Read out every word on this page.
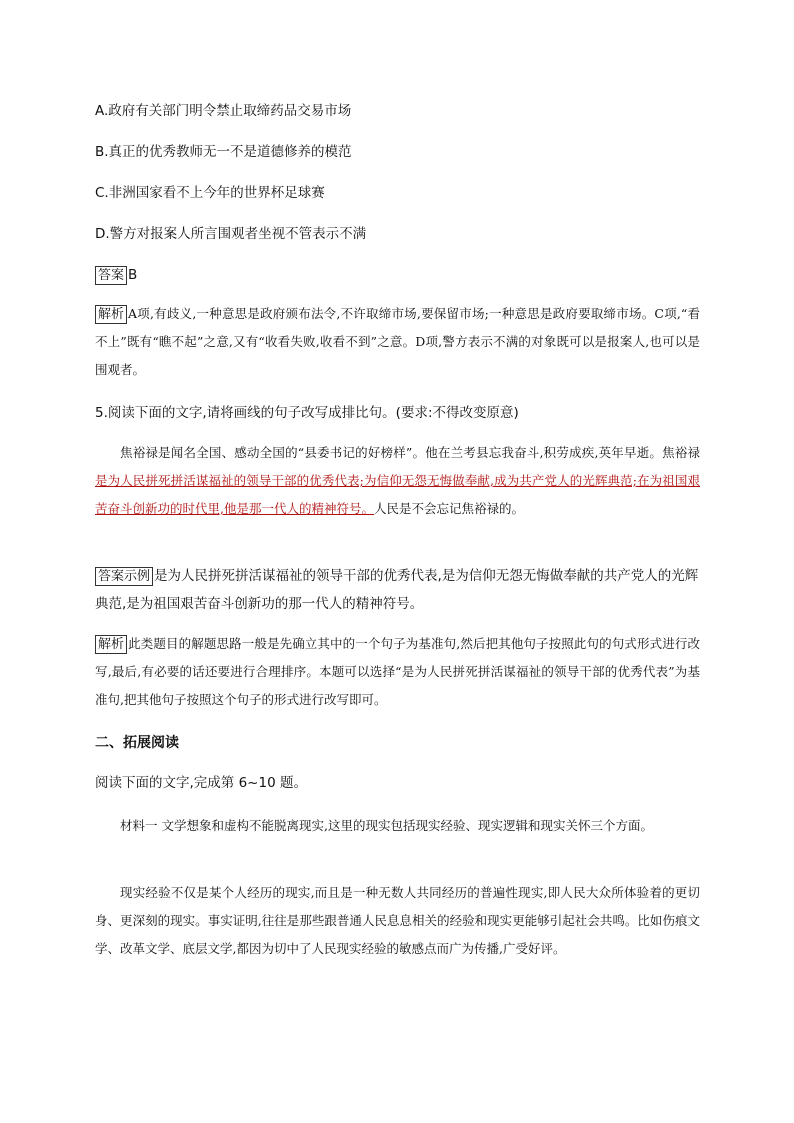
A.政府有关部门明令禁止取缔药品交易市场
B.真正的优秀教师无一不是道德修养的模范
C.非洲国家看不上今年的世界杯足球赛
D.警方对报案人所言围观者坐视不管表示不满
答案 B
解析 A项,有歧义,一种意思是政府颁布法令,不许取缔市场,要保留市场;一种意思是政府要取缔市场。C项,“看不上”既有“瞧不起”之意,又有“收看失败,收看不到”之意。D项,警方表示不满的对象既可以是报案人,也可以是围观者。
5.阅读下面的文字,请将画线的句子改写成排比句。(要求:不得改变原意)
焦裕禄是闻名全国、感动全国的“县委书记的好榜样”。他在兰考县忘我奋斗,积劳成疾,英年早逝。焦裕禄是为人民拼死拼活谋福祉的领导干部的优秀代表;为信仰无怨无悔做奉献,成为共产党人的光辉典范;在为祖国艰苦奋斗创新功的时代里,他是那一代人的精神符号。人民是不会忘记焦裕禄的。
答案示例 是为人民拼死拼活谋福祉的领导干部的优秀代表,是为信仰无怨无悔做奉献的共产党人的光辉典范,是为祖国艰苦奋斗创新功的那一代人的精神符号。
解析 此类题目的解题思路一般是先确立其中的一个句子为基准句,然后把其他句子按照此句的句式形式进行改写,最后,有必要的话还要进行合理排序。本题可以选择“是为人民拼死拼活谋福祉的领导干部的优秀代表”为基准句,把其他句子按照这个句子的形式进行改写即可。
二、拓展阅读
阅读下面的文字,完成第 6~10 题。
材料一 文学想象和虚构不能脱离现实,这里的现实包括现实经验、现实逻辑和现实关怀三个方面。
现实经验不仅是某个人经历的现实,而且是一种无数人共同经历的普遍性现实,即人民大众所体验着的更切身、更深刻的现实。事实证明,往往是那些跟普通人民息息相关的经验和现实更能够引起社会共鸣。比如伤痕文学、改革文学、底层文学,都因为切中了人民现实经验的敏感点而广为传播,广受好评。
